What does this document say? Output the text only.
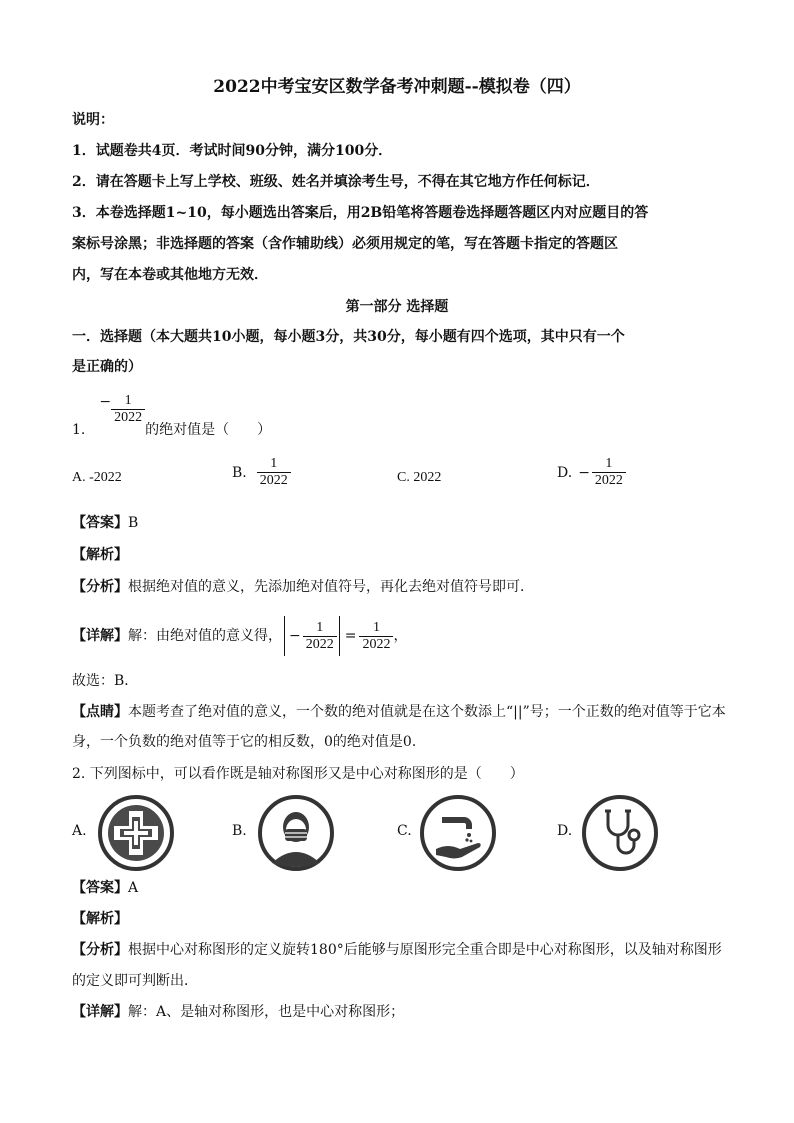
2022中考宝安区数学备考冲刺题--模拟卷（四）
说明：
1．试题卷共4页．考试时间90分钟，满分100分．
2．请在答题卡上写上学校、班级、姓名并填涂考生号，不得在其它地方作任何标记．
3．本卷选择题1~10，每小题选出答案后，用2B铅笔将答题卷选择题答题区内对应题目的答
案标号涂黑；非选择题的答案（含作辅助线）必须用规定的笔，写在答题卡指定的答题区
内，写在本卷或其他地方无效．
第一部分 选择题
一．选择题（本大题共10小题，每小题3分，共30分，每小题有四个选项，其中只有一个
是正确的）
1.
− $\frac{1}{2022}$
的绝对值是（　　）
A. -2022	B. $\frac{1}{2022}$	C. 2022	D. − $\frac{1}{2022}$
【答案】B
【解析】
【分析】根据绝对值的意义，先添加绝对值符号，再化去绝对值符号即可．
【详解】 解：由绝对值的意义得， − $\frac{1}{2022} = \frac{1}{2022}$ ，
故选：B．
【点睛】本题考查了绝对值的意义，一个数的绝对值就是在这个数添上“||”号；一个正数的绝对值等于它本
身，一个负数的绝对值等于它的相反数，0的绝对值是0．
2. 下列图标中，可以看作既是轴对称图形又是中心对称图形的是（　　）
A.	B.	C.	D.
【答案】A
【解析】
【分析】根据中心对称图形的定义旋转180°后能够与原图形完全重合即是中心对称图形，以及轴对称图形
的定义即可判断出．
【详解】解：A、是轴对称图形，也是中心对称图形；
